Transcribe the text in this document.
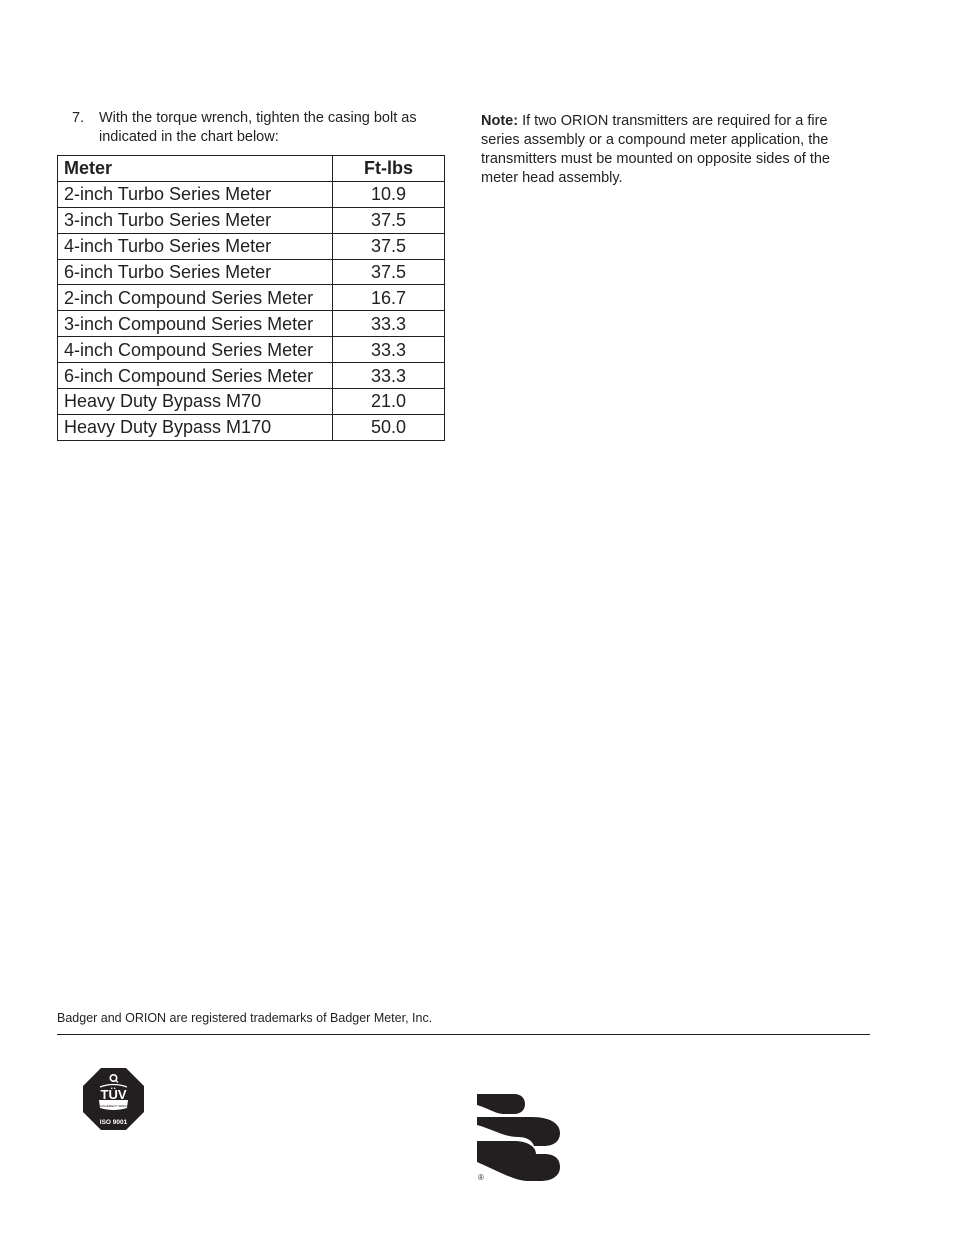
7. With the torque wrench, tighten the casing bolt as indicated in the chart below:
Meter	Ft-lbs
2-inch Turbo Series Meter	10.9
3-inch Turbo Series Meter	37.5
4-inch Turbo Series Meter	37.5
6-inch Turbo Series Meter	37.5
2-inch Compound Series Meter	16.7
3-inch Compound Series Meter	33.3
4-inch Compound Series Meter	33.3
6-inch Compound Series Meter	33.3
Heavy Duty Bypass M70	21.0
Heavy Duty Bypass M170	50.0
Note: If two ORION transmitters are required for a fire series assembly or a compound meter application, the transmitters must be mounted on opposite sides of the meter head assembly.
Badger and ORION are registered trademarks of Badger Meter, Inc.
TÜV
MANAGEMENT SERVICE
ISO 9001
®
